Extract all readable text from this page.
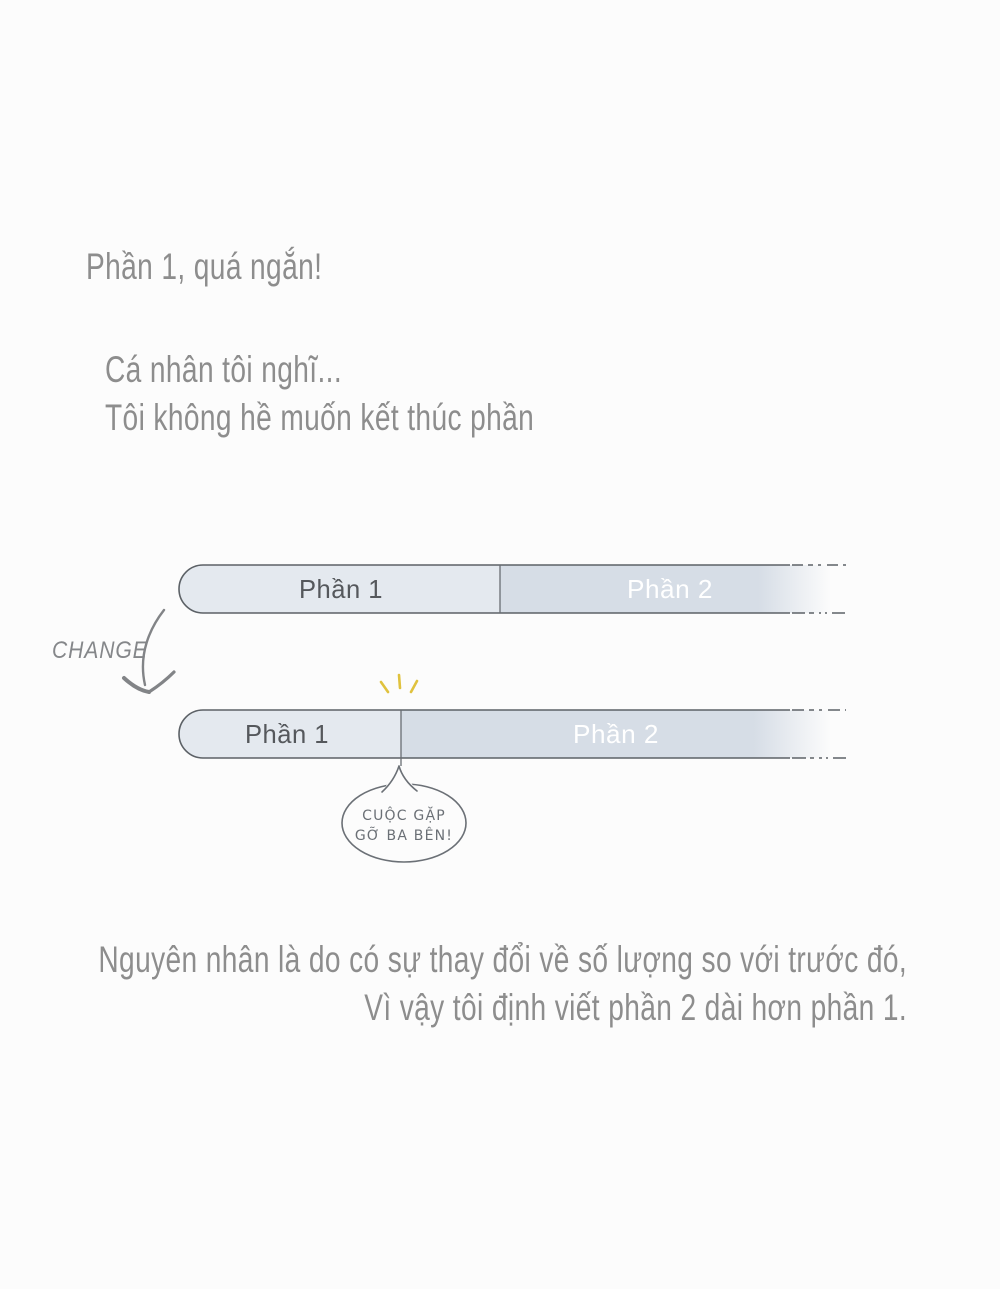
Phần 1, quá ngắn!
Cá nhân tôi nghĩ...
Tôi không hề muốn kết thúc phần
Phần 1	Phần 2
CHANGE
Phần 1	Phần 2
CUỘC GẶP
GỠ BA BÊN!
Nguyên nhân là do có sự thay đổi về số lượng so với trước đó,
Vì vậy tôi định viết phần 2 dài hơn phần 1.
